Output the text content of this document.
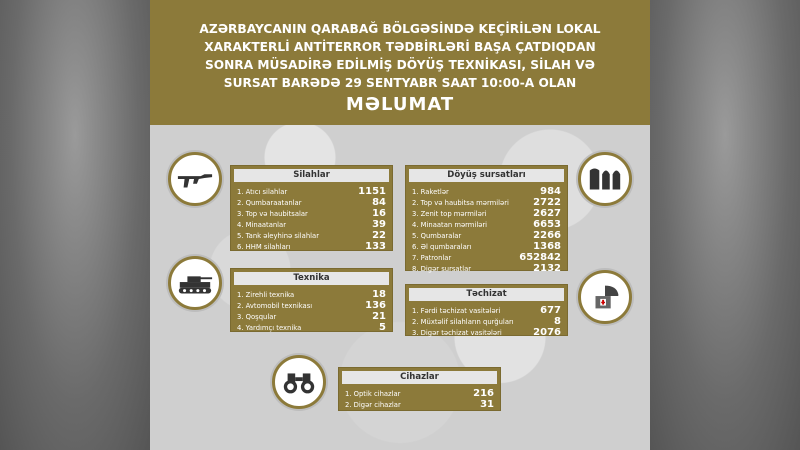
AZƏRBAYCANIN QARABAĞ BÖLGƏSİNDƏ KEÇİRİLƏN LOKAL
XARAKTERLİ ANTİTERROR TƏDBİRLƏRİ BAŞA ÇATDIQDAN
SONRA MÜSADİRƏ EDİLMİŞ DÖYÜŞ TEXNİKASI, SİLAH VƏ
SURSAT BARƏDƏ 29 SENTYABR SAAT 10:00-A OLAN
MƏLUMAT
Silahlar
1. Atıcı silahlar	1151
2. Qumbaraatanlar	84
3. Top və haubitsalar	16
4. Minaatanlar	39
5. Tank əleyhinə silahlar	22
6. HHM silahları	133
Döyüş sursatları
1. Raketlər	984
2. Top və haubitsa mərmiləri 2722
3. Zenit top mərmiləri	2627
4. Minaatan mərmiləri	6653
5. Qumbaralar	2266
6. Əl qumbaraları	1368
7. Patronlar	652842
8. Digər sursatlar	2132
Texnika
1. Zirehli texnika	18
2. Avtomobil texnikası	136
3. Qoşqular	21
4. Yardımçı texnika	5
Təchizat
1. Fərdi təchizat vasitələri	677
2. Müxtəlif silahların qurğuları	8
3. Digər təchizat vasitələri	2076
Cihazlar
1. Optik cihazlar	216
2. Digər cihazlar	31
